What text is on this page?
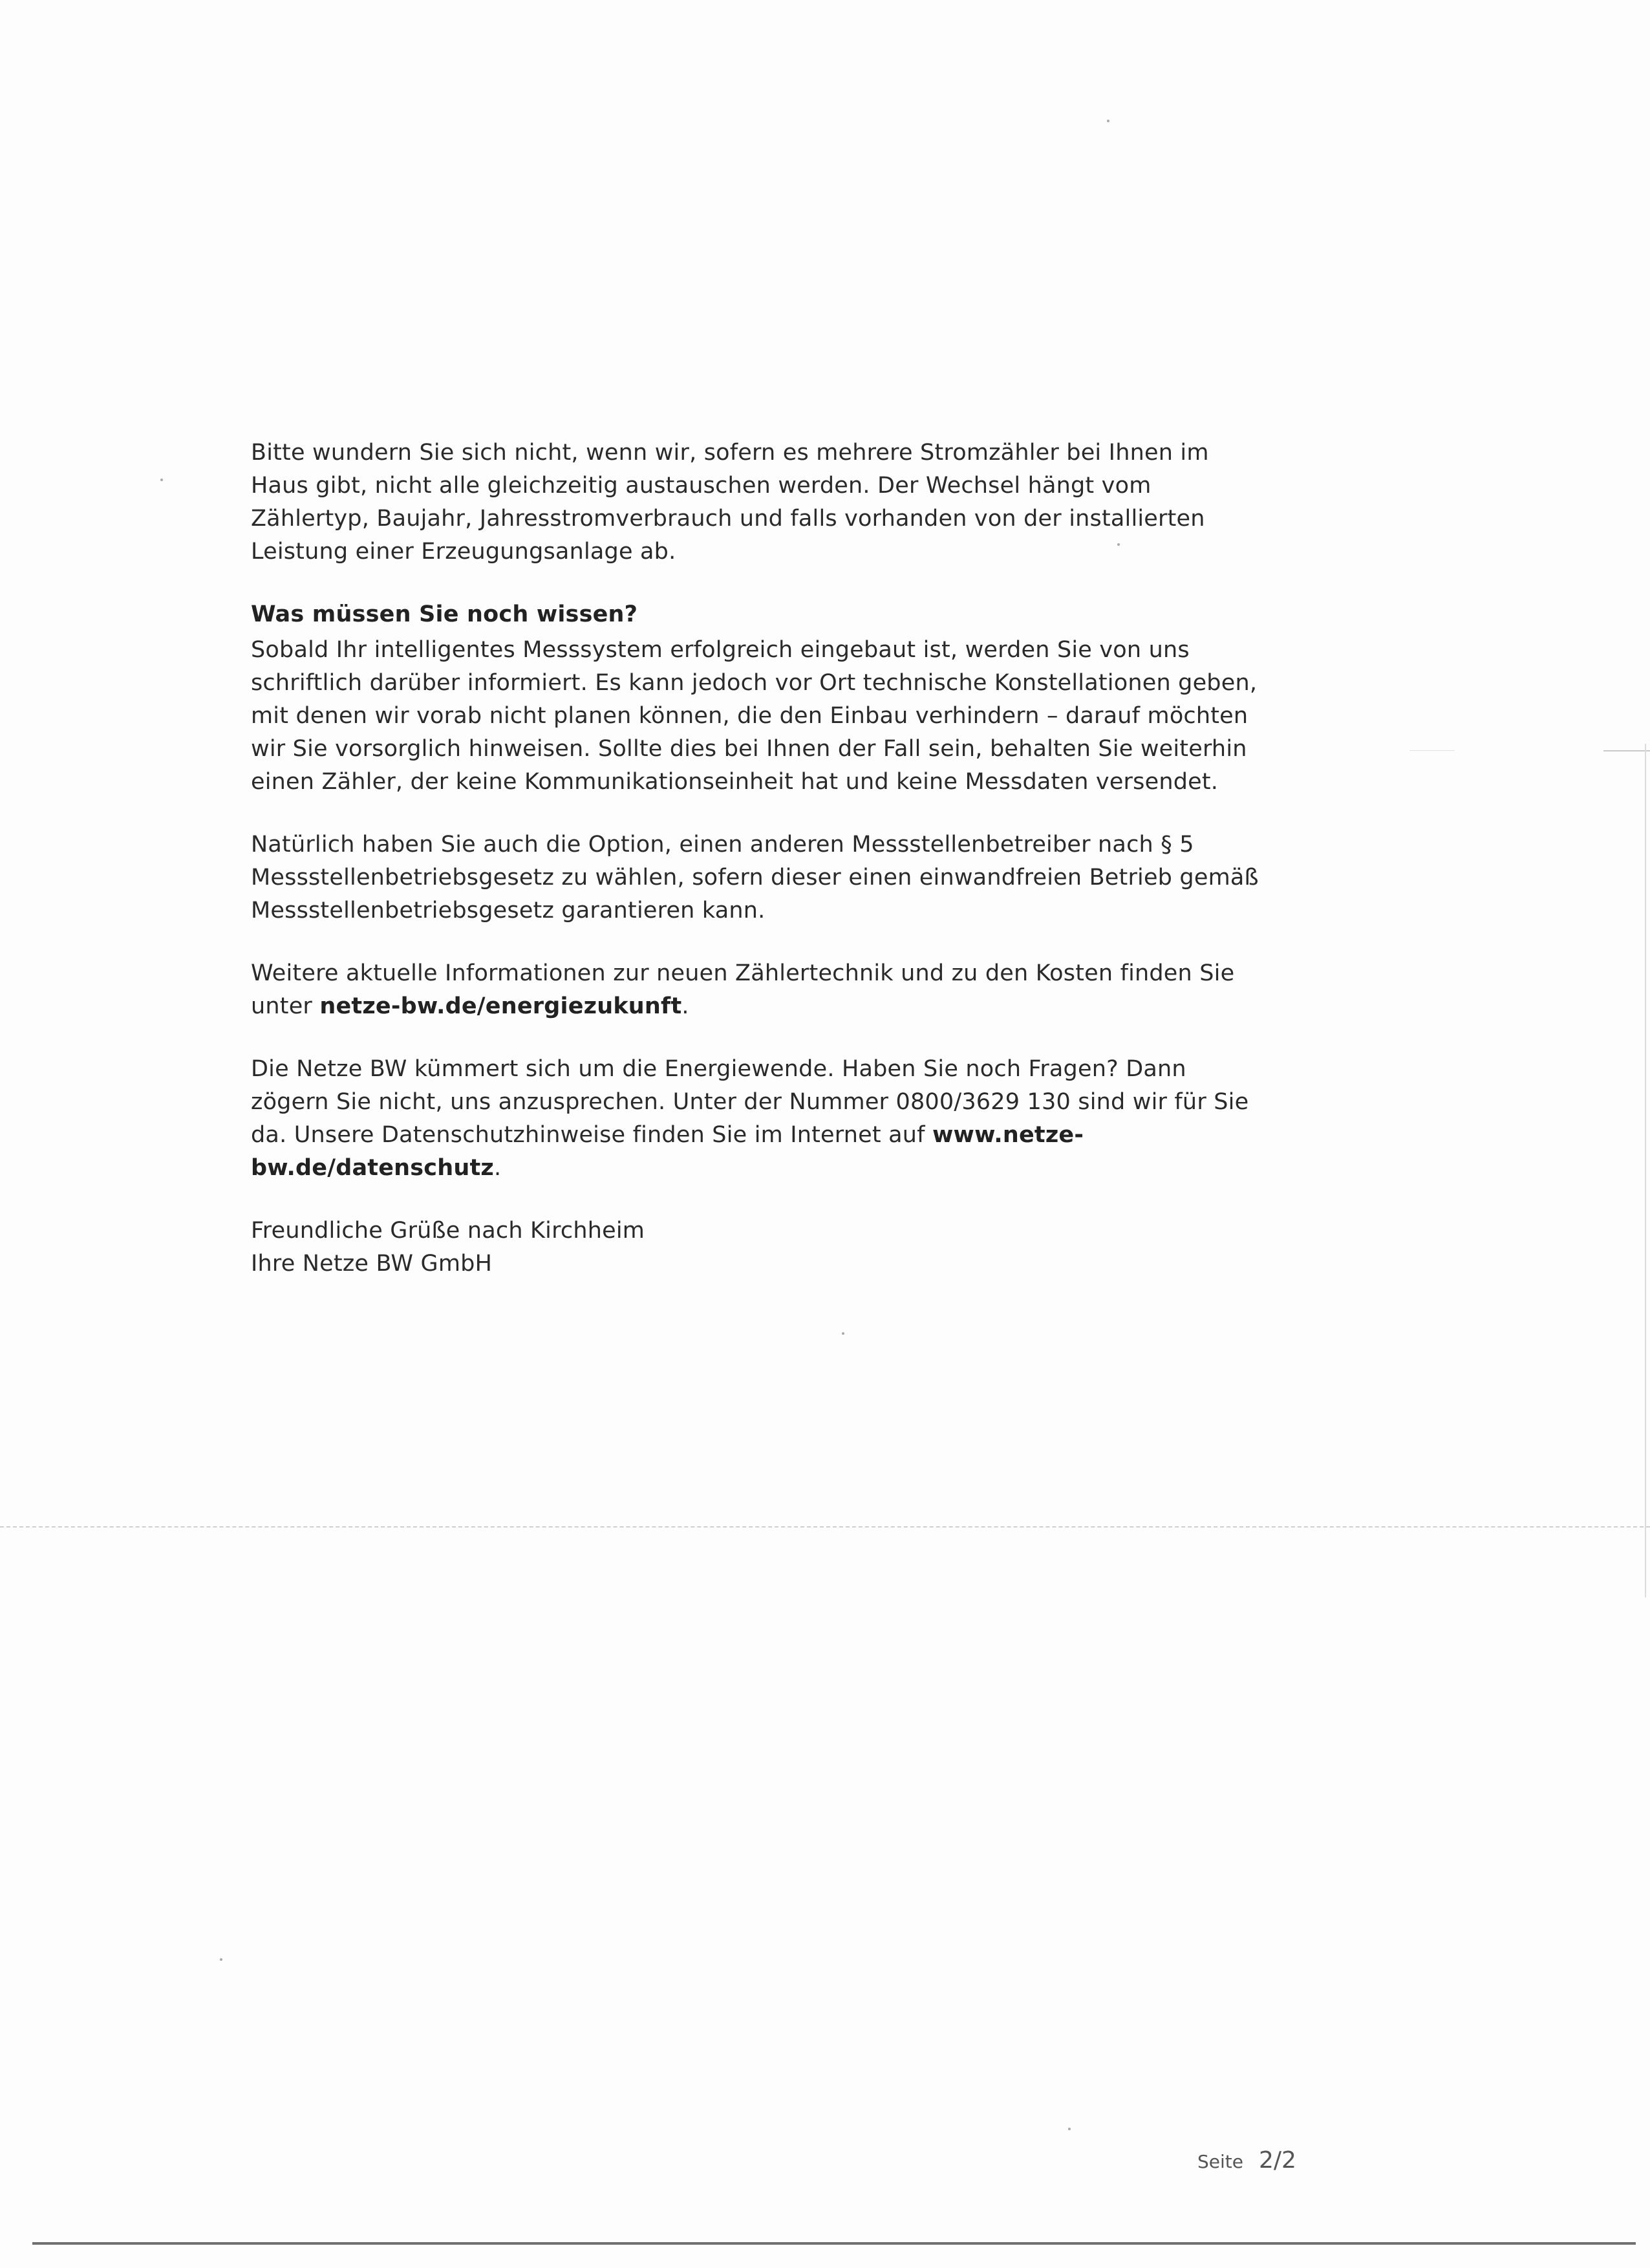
Bitte wundern Sie sich nicht, wenn wir, sofern es mehrere Stromzähler bei Ihnen im Haus gibt, nicht alle gleichzeitig austauschen werden. Der Wechsel hängt vom Zählertyp, Baujahr, Jahresstromverbrauch und falls vorhanden von der installierten Leistung einer Erzeugungsanlage ab.

Was müssen Sie noch wissen?

Sobald Ihr intelligentes Messsystem erfolgreich eingebaut ist, werden Sie von uns schriftlich darüber informiert. Es kann jedoch vor Ort technische Konstellationen geben, mit denen wir vorab nicht planen können, die den Einbau verhindern – darauf möchten wir Sie vorsorglich hinweisen. Sollte dies bei Ihnen der Fall sein, behalten Sie weiterhin einen Zähler, der keine Kommunikationseinheit hat und keine Messdaten versendet.

Natürlich haben Sie auch die Option, einen anderen Messstellenbetreiber nach § 5 Messstellenbetriebsgesetz zu wählen, sofern dieser einen einwandfreien Betrieb gemäß Messstellenbetriebsgesetz garantieren kann.

Weitere aktuelle Informationen zur neuen Zählertechnik und zu den Kosten finden Sie unter netze-bw.de/energiezukunft.

Die Netze BW kümmert sich um die Energiewende. Haben Sie noch Fragen? Dann zögern Sie nicht, uns anzusprechen. Unter der Nummer 0800/3629 130 sind wir für Sie da. Unsere Datenschutzhinweise finden Sie im Internet auf www.netze-bw.de/datenschutz.

Freundliche Grüße nach Kirchheim
Ihre Netze BW GmbH
Seite 2/2
